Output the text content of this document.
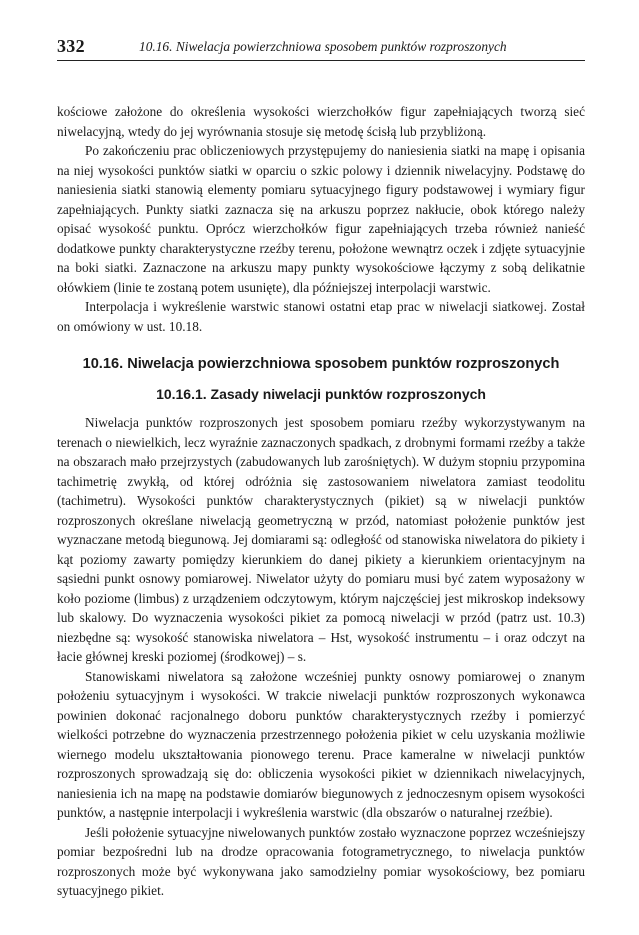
332	10.16. Niwelacja powierzchniowa sposobem punktów rozproszonych

kościowe założone do określenia wysokości wierzchołków figur zapełniających tworzą sieć niwelacyjną, wtedy do jej wyrównania stosuje się metodę ścisłą lub przybliżoną.

Po zakończeniu prac obliczeniowych przystępujemy do naniesienia siatki na mapę i opisania na niej wysokości punktów siatki w oparciu o szkic polowy i dziennik niwelacyjny. Podstawę do naniesienia siatki stanowią elementy pomiaru sytuacyjnego figury podstawowej i wymiary figur zapełniających. Punkty siatki zaznacza się na arkuszu poprzez nakłucie, obok którego należy opisać wysokość punktu. Oprócz wierzchołków figur zapełniających trzeba również nanieść dodatkowe punkty charakterystyczne rzeźby terenu, położone wewnątrz oczek i zdjęte sytuacyjnie na boki siatki. Zaznaczone na arkuszu mapy punkty wysokościowe łączymy z sobą delikatnie ołówkiem (linie te zostaną potem usunięte), dla późniejszej interpolacji warstwic.

Interpolacja i wykreślenie warstwic stanowi ostatni etap prac w niwelacji siatkowej. Został on omówiony w ust. 10.18.

10.16. Niwelacja powierzchniowa sposobem punktów rozproszonych
10.16.1. Zasady niwelacji punktów rozproszonych

Niwelacja punktów rozproszonych jest sposobem pomiaru rzeźby wykorzystywanym na terenach o niewielkich, lecz wyraźnie zaznaczonych spadkach, z drobnymi formami rzeźby a także na obszarach mało przejrzystych (zabudowanych lub zarośniętych). W dużym stopniu przypomina tachimetrię zwykłą, od której odróżnia się zastosowaniem niwelatora zamiast teodolitu (tachimetru). Wysokości punktów charakterystycznych (pikiet) są w niwelacji punktów rozproszonych określane niwelacją geometryczną w przód, natomiast położenie punktów jest wyznaczane metodą biegunową. Jej domiarami są: odległość od stanowiska niwelatora do pikiety i kąt poziomy zawarty pomiędzy kierunkiem do danej pikiety a kierunkiem orientacyjnym na sąsiedni punkt osnowy pomiarowej. Niwelator użyty do pomiaru musi być zatem wyposażony w koło poziome (limbus) z urządzeniem odczytowym, którym najczęściej jest mikroskop indeksowy lub skalowy. Do wyznaczenia wysokości pikiet za pomocą niwelacji w przód (patrz ust. 10.3) niezbędne są: wysokość stanowiska niwelatora – Hst, wysokość instrumentu – i oraz odczyt na łacie głównej kreski poziomej (środkowej) – s.

Stanowiskami niwelatora są założone wcześniej punkty osnowy pomiarowej o znanym położeniu sytuacyjnym i wysokości. W trakcie niwelacji punktów rozproszonych wykonawca powinien dokonać racjonalnego doboru punktów charakterystycznych rzeźby i pomierzyć wielkości potrzebne do wyznaczenia przestrzennego położenia pikiet w celu uzyskania możliwie wiernego modelu ukształtowania pionowego terenu. Prace kameralne w niwelacji punktów rozproszonych sprowadzają się do: obliczenia wysokości pikiet w dziennikach niwelacyjnych, naniesienia ich na mapę na podstawie domiarów biegunowych z jednoczesnym opisem wysokości punktów, a następnie interpolacji i wykreślenia warstwic (dla obszarów o naturalnej rzeźbie).

Jeśli położenie sytuacyjne niwelowanych punktów zostało wyznaczone poprzez wcześniejszy pomiar bezpośredni lub na drodze opracowania fotogrametrycznego, to niwelacja punktów rozproszonych może być wykonywana jako samodzielny pomiar wysokościowy, bez pomiaru sytuacyjnego pikiet.
